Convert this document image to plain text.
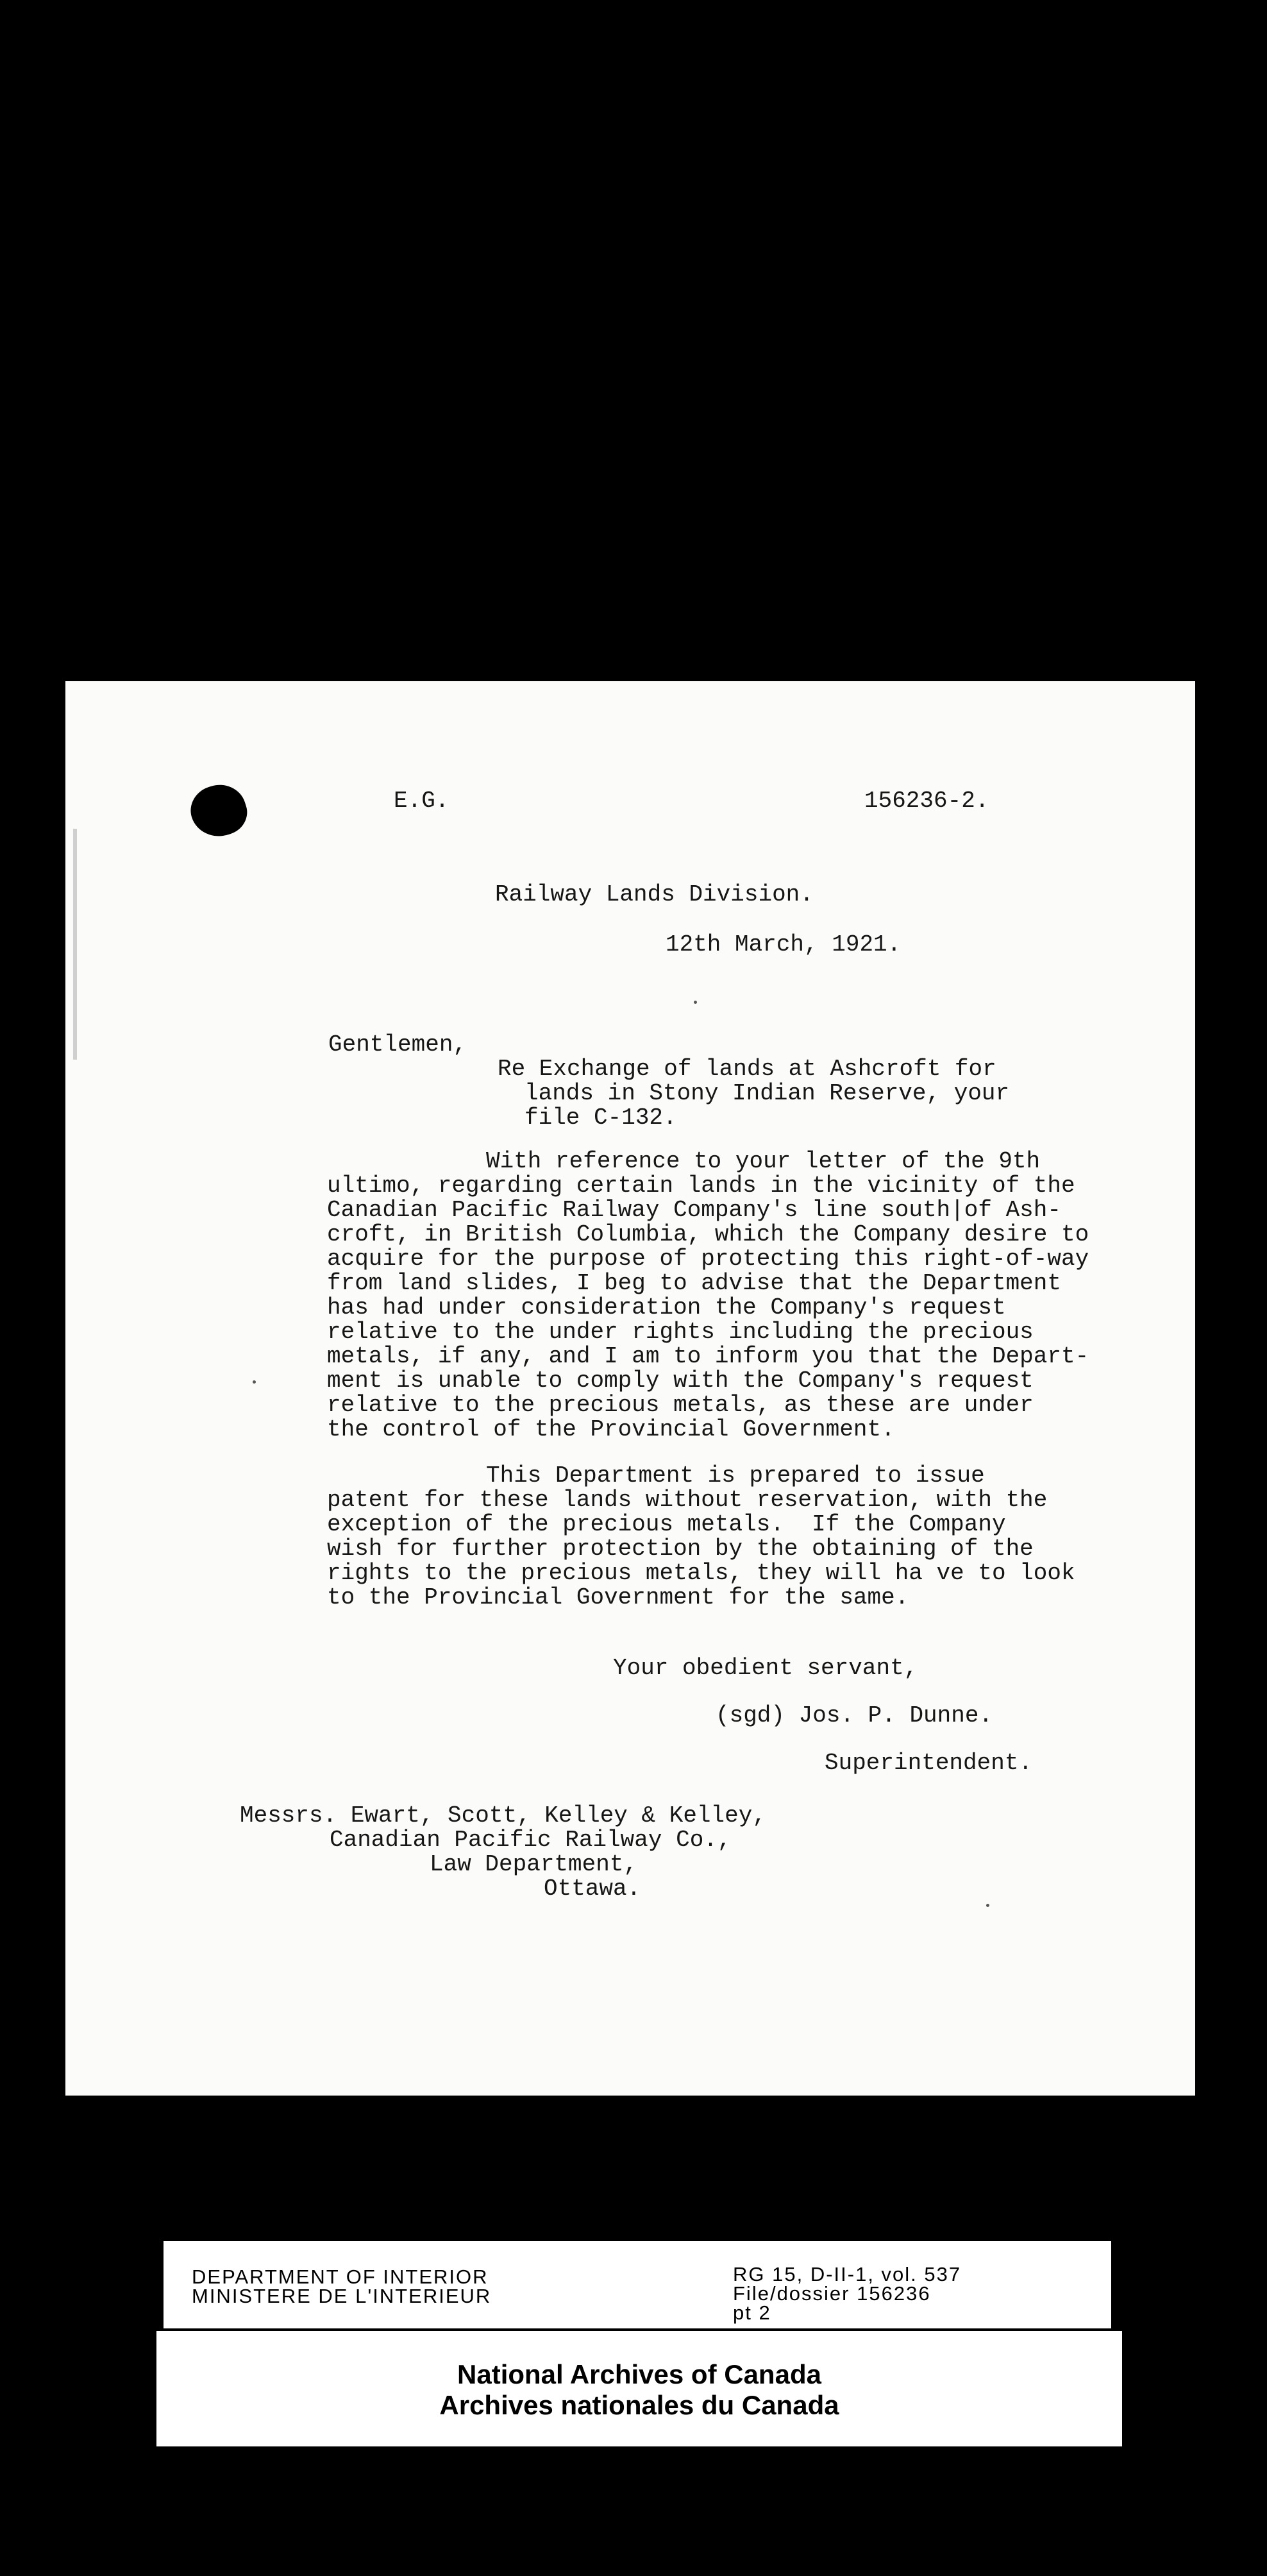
E.G.	156236-2.
Railway Lands Division.
12th March, 1921.
Gentlemen,
Re Exchange of lands at Ashcroft for
lands in Stony Indian Reserve, your
file C-132.
With reference to your letter of the 9th
ultimo, regarding certain lands in the vicinity of the
Canadian Pacific Railway Company's line south|of Ash-
croft, in British Columbia, which the Company desire to
acquire for the purpose of protecting this right-of-way
from land slides, I beg to advise that the Department
has had under consideration the Company's request
relative to the under rights including the precious
metals, if any, and I am to inform you that the Depart-
ment is unable to comply with the Company's request
relative to the precious metals, as these are under
the control of the Provincial Government.
This Department is prepared to issue
patent for these lands without reservation, with the
exception of the precious metals.  If the Company
wish for further protection by the obtaining of the
rights to the precious metals, they will ha ve to look
to the Provincial Government for the same.
Your obedient servant,
(sgd) Jos. P. Dunne.
Superintendent.
Messrs. Ewart, Scott, Kelley & Kelley,
Canadian Pacific Railway Co.,
Law Department,
Ottawa.
DEPARTMENT OF INTERIOR
MINISTERE DE L'INTERIEUR
RG 15, D-II-1, vol. 537
File/dossier 156236
pt 2
National Archives of Canada
Archives nationales du Canada
